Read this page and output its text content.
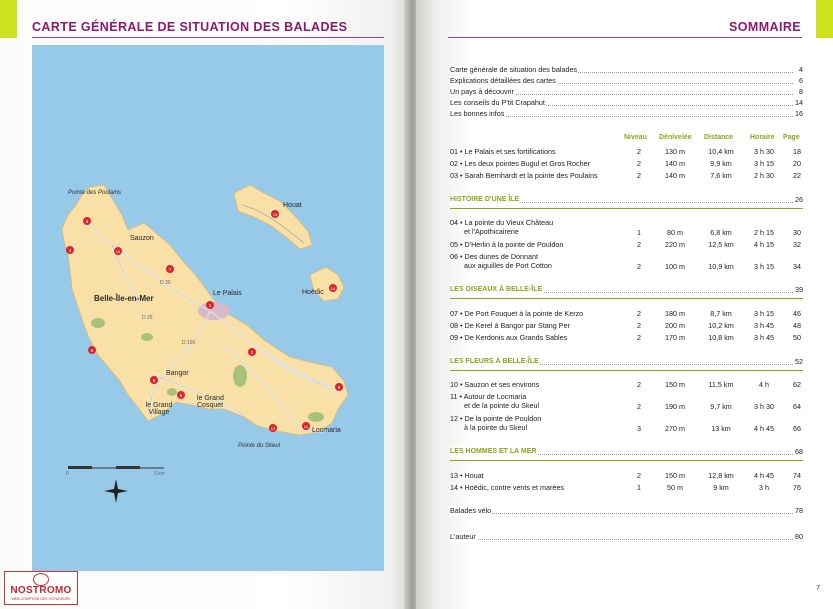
CARTE GÉNÉRALE DE SITUATION DES BALADES
3
4	10
7
1
6	2
8
5
9
12	11
13
14
Pointe des Poulains
Sauzon
Belle-Île-en-Mer
Le Palais
Bangor
le Grand Village
le Grand Cosquet
Locmaria
Pointe du Skeul
Houat
Hoëdic
D 30
D 25
D 190
0	5 km
NOSTROMO
WEB-COMPTOIR DES VOYAGEURS
SOMMAIRE
Carte générale de situation des balades	4
Explications détaillées des cartes	6
Un pays à découvrir	8
Les conseils du P'tit Crapahut	14
Les bonnes infos	16
Niveau Dénivelée Distance Horaire Page
01 • Le Palais et ses fortifications	2	130 m	10,4 km	3 h 30	18
02 • Les deux pointes Bugul et Gros Rocher	2	140 m	9,9 km	3 h 15	20
03 • Sarah Bernhardt et la pointe des Poulains	2	140 m	7,6 km	2 h 30	22
HISTOIRE D'UNE ÎLE	26
04 • La pointe du Vieux Château
et l'Apothicairerie	1	80 m	6,8 km	2 h 15	30
05 • D'Herlin à la pointe de Pouldon	2	220 m	12,5 km	4 h 15	32
06 • Des dunes de Donnant
aux aiguilles de Port Cotton	2	100 m	10,9 km	3 h 15	34
LES OISEAUX À BELLE-ÎLE	39
07 • De Port Fouquet à la pointe de Kerzo	2	180 m	8,7 km	3 h 15	46
08 • De Kerel à Bangor par Stang Per	2	200 m	10,2 km	3 h 45	48
09 • De Kerdonis aux Grands Sables	2	170 m	10,8 km	3 h 45	50
LES FLEURS À BELLE-ÎLE	52
10 • Sauzon et ses environs	2	150 m	11,5 km	4 h	62
11 • Autour de Locmaria
et de la pointe du Skeul	2	190 m	9,7 km	3 h 30	64
12 • De la pointe de Pouldon
à la pointe du Skeul	3	270 m	13 km	4 h 45	66
LES HOMMES ET LA MER	68
13 • Houat	2	150 m	12,8 km	4 h 45	74
14 • Hoëdic, contre vents et marées	1	50 m	9 km	3 h	76
Balades vélo	78
L'auteur	80
7
